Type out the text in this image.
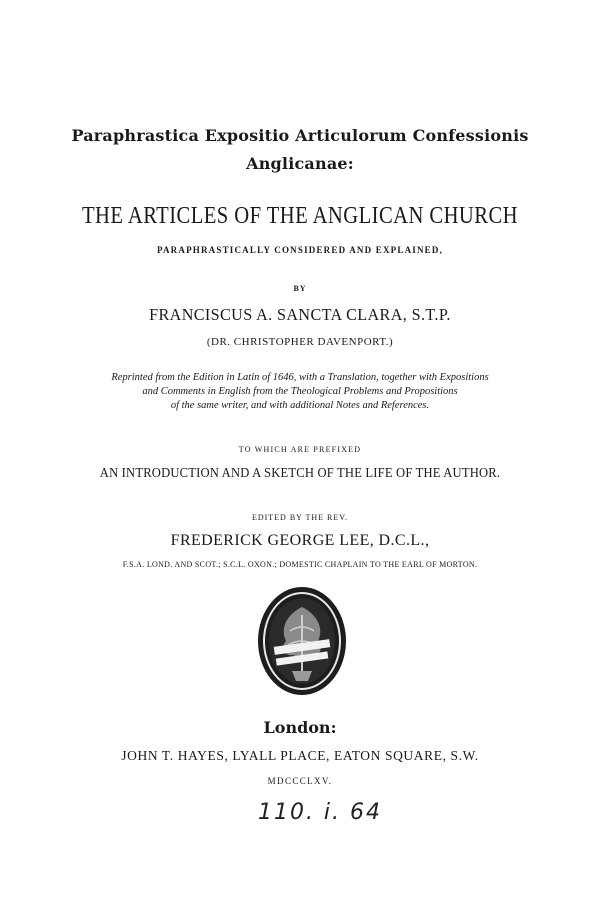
Paraphrastica Expositio Articulorum Confessionis
Anglicanae:
THE ARTICLES OF THE ANGLICAN CHURCH
PARAPHRASTICALLY CONSIDERED AND EXPLAINED,
BY
FRANCISCUS A. SANCTA CLARA, S.T.P.
(DR. CHRISTOPHER DAVENPORT.)
Reprinted from the Edition in Latin of 1646, with a Translation, together with Expositions
and Comments in English from the Theological Problems and Propositions
of the same writer, and with additional Notes and References.
TO WHICH ARE PREFIXED
AN INTRODUCTION AND A SKETCH OF THE LIFE OF THE AUTHOR.
EDITED BY THE REV.
FREDERICK GEORGE LEE, D.C.L.,
F.S.A. LOND. AND SCOT.; S.C.L. OXON.; DOMESTIC CHAPLAIN TO THE EARL OF MORTON.
London:
JOHN T. HAYES, LYALL PLACE, EATON SQUARE, S.W.
MDCCCLXV.
110. i. 64
